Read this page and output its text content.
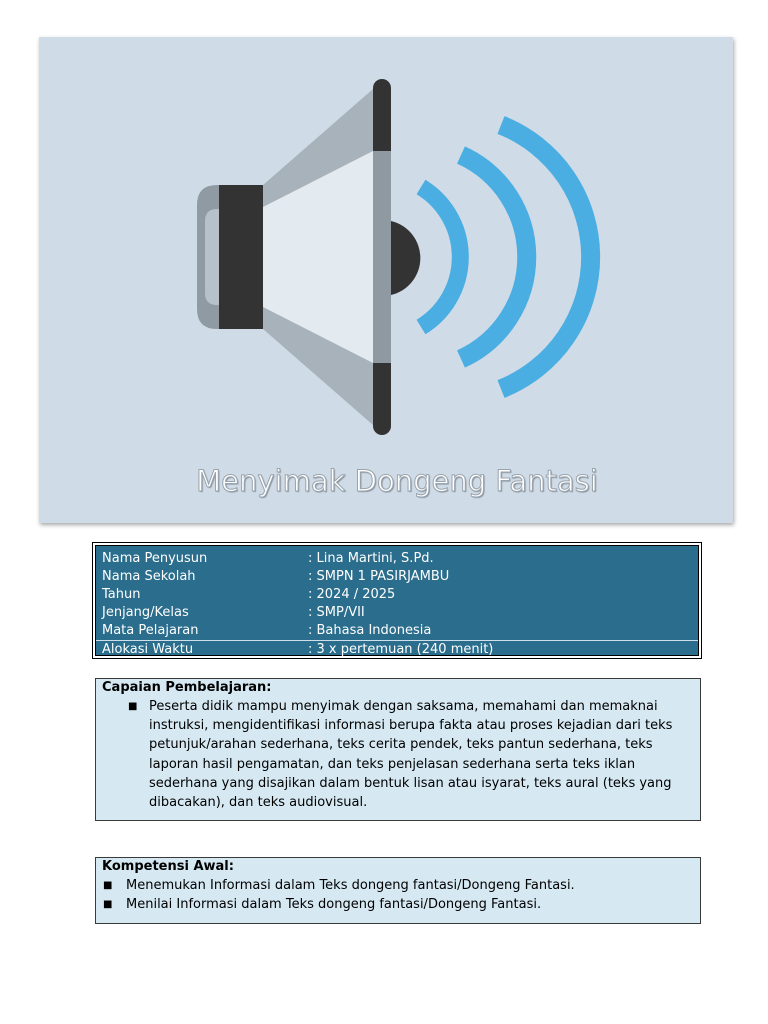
Menyimak Dongeng Fantasi
Nama Penyusun	: Lina Martini, S.Pd.
Nama Sekolah	: SMPN 1 PASIRJAMBU
Tahun	: 2024 / 2025
Jenjang/Kelas	: SMP/VII
Mata Pelajaran	: Bahasa Indonesia
Alokasi Waktu	: 3 x pertemuan (240 menit)
Capaian Pembelajaran:
■ Peserta didik mampu menyimak dengan saksama, memahami dan memaknai instruksi, mengidentifikasi informasi berupa fakta atau proses kejadian dari teks petunjuk/arahan sederhana, teks cerita pendek, teks pantun sederhana, teks laporan hasil pengamatan, dan teks penjelasan sederhana serta teks iklan sederhana yang disajikan dalam bentuk lisan atau isyarat, teks aural (teks yang dibacakan), dan teks audiovisual.
Kompetensi Awal:
■ Menemukan Informasi dalam Teks dongeng fantasi/Dongeng Fantasi.
■ Menilai Informasi dalam Teks dongeng fantasi/Dongeng Fantasi.
